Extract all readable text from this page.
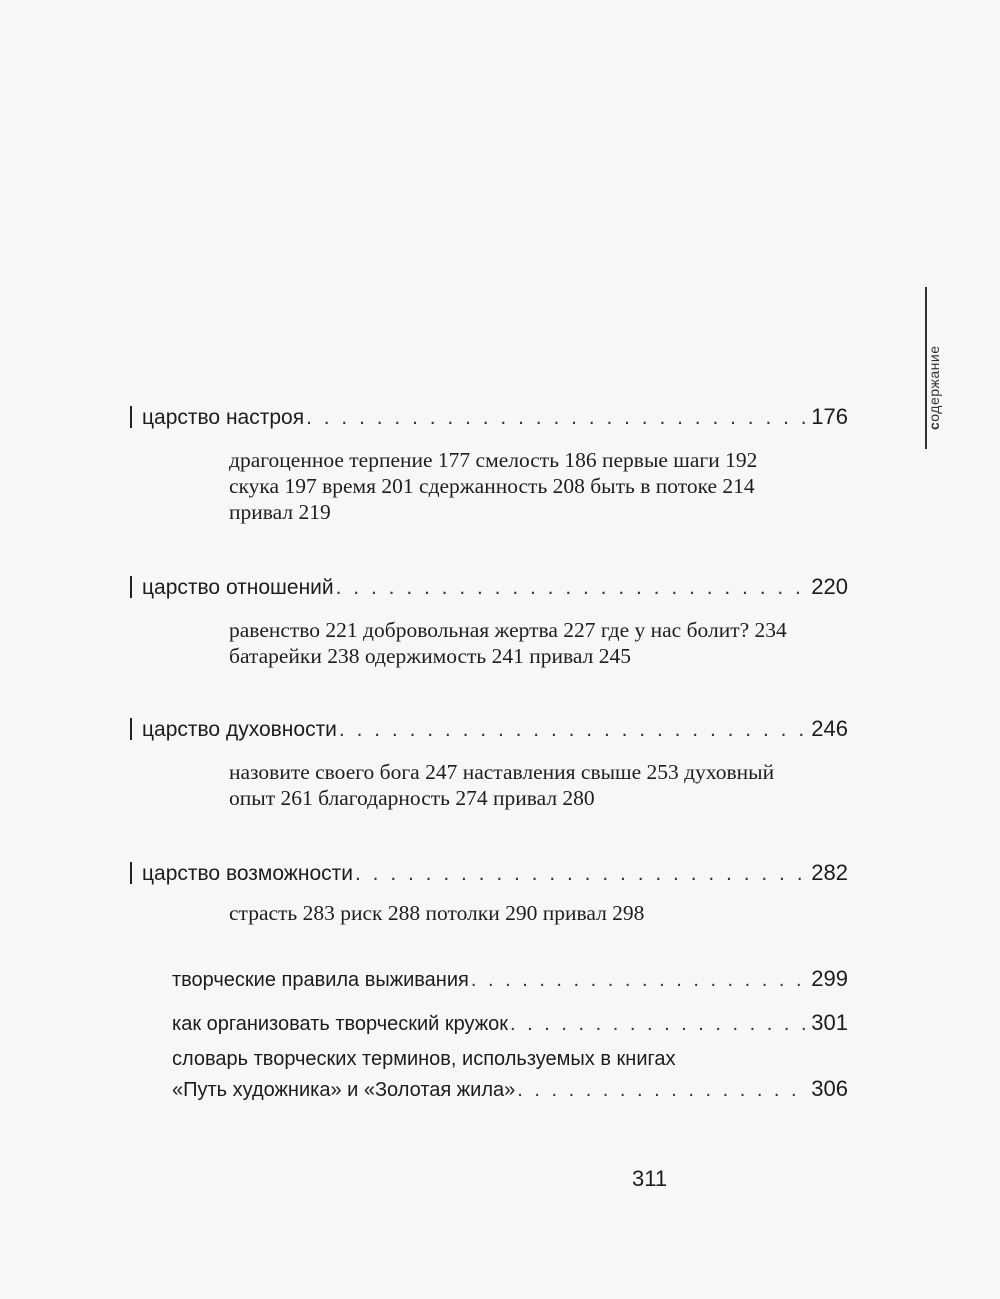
содержание
царство настроя . . .	176
драгоценное терпение 177 смелость 186 первые шаги 192
скука 197 время 201 сдержанность 208 быть в потоке 214
привал 219
царство отношений . . .	220
равенство 221 добровольная жертва 227 где у нас болит? 234
батарейки 238 одержимость 241 привал 245
царство духовности . . .	246
назовите своего бога 247 наставления свыше 253 духовный
опыт 261 благодарность 274 привал 280
царство возможности . . .	282
страсть 283 риск 288 потолки 290 привал 298
творческие правила выживания . . .	299
как организовать творческий кружок . . .	301
словарь творческих терминов, используемых в книгах
«Путь художника» и «Золотая жила» . . .	306
311
